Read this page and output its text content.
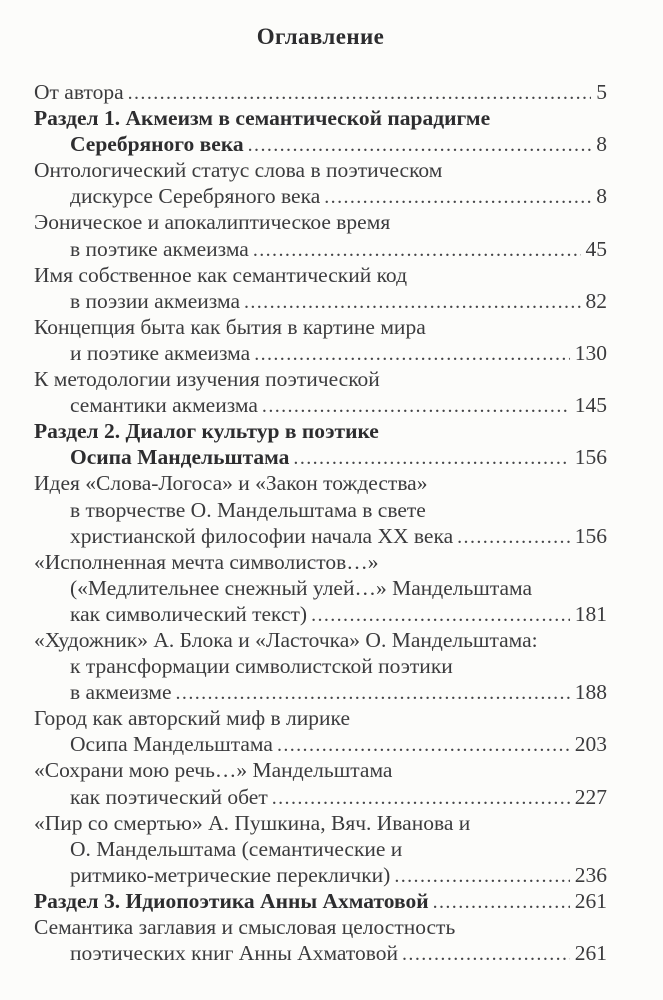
Оглавление
От автора .....	5
Раздел 1. Акмеизм в семантической парадигме
Серебряного века .....	8
Онтологический статус слова в поэтическом
дискурсе Серебряного века .....	8
Эоническое и апокалиптическое время
в поэтике акмеизма .....	45
Имя собственное как семантический код
в поэзии акмеизма .....	82
Концепция быта как бытия в картине мира
и поэтике акмеизма .....	130
К методологии изучения поэтической
семантики акмеизма .....	145
Раздел 2. Диалог культур в поэтике
Осипа Мандельштама .....	156
Идея «Слова-Логоса» и «Закон тождества»
в творчестве О. Мандельштама в свете
христианской философии начала XX века .....	156
«Исполненная мечта символистов…»
(«Медлительнее снежный улей…» Мандельштама
как символический текст) .....	181
«Художник» А. Блока и «Ласточка» О. Мандельштама:
к трансформации символистской поэтики
в акмеизме .....	188
Город как авторский миф в лирике
Осипа Мандельштама .....	203
«Сохрани мою речь…» Мандельштама
как поэтический обет .....	227
«Пир со смертью» А. Пушкина, Вяч. Иванова и
О. Мандельштама (семантические и
ритмико-метрические переклички) .....	236
Раздел 3. Идиопоэтика Анны Ахматовой .....	261
Семантика заглавия и смысловая целостность
поэтических книг Анны Ахматовой .....	261
